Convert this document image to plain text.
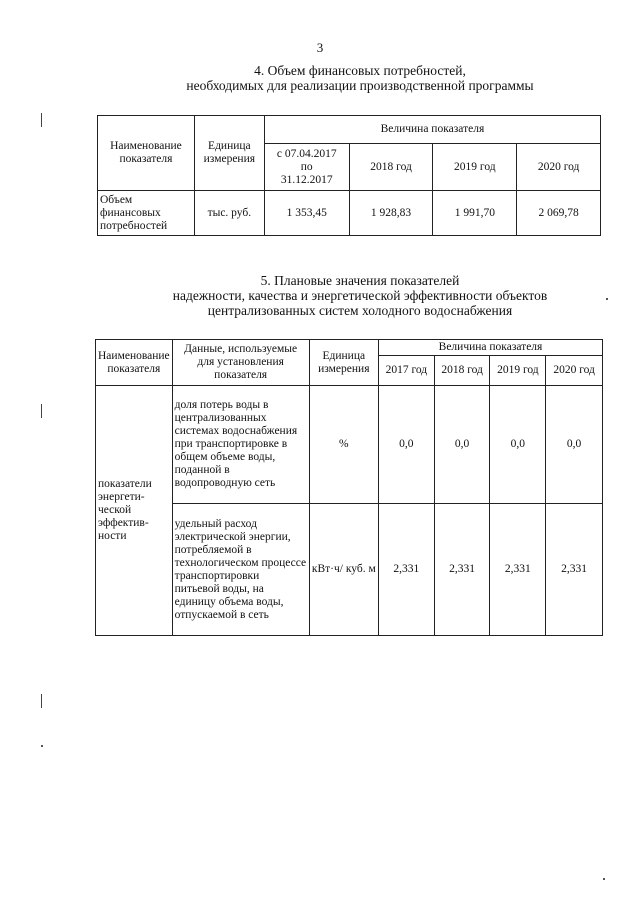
3
4. Объем финансовых потребностей,
необходимых для реализации производственной программы
Наименование показателя	Единица измерения	Величина показателя			

		с 07.04.2017
по
31.12.2017	2018 год	2019 год	2020 год
Объем финансовых потребностей	тыс. руб.	1 353,45	1 928,83	1 991,70	2 069,78
5. Плановые значения показателей
надежности, качества и энергетической эффективности объектов
централизованных систем холодного водоснабжения
Наименование показателя	Данные, используемые для установления показателя	Единица измерения	Величина показателя			
			2017 год	2018 год	2019 год	2020 год
показатели энергети-ческой эффектив-ности	доля потерь воды в централизованных системах водоснабжения при транспортировке в общем объеме воды, поданной в водопроводную сеть	%	0,0	0,0	0,0	0,0
	удельный расход электрической энергии, потребляемой в технологическом процессе транспортировки питьевой воды, на единицу объема воды, отпускаемой в сеть	кВт·ч/ куб. м	2,331	2,331	2,331	2,331
